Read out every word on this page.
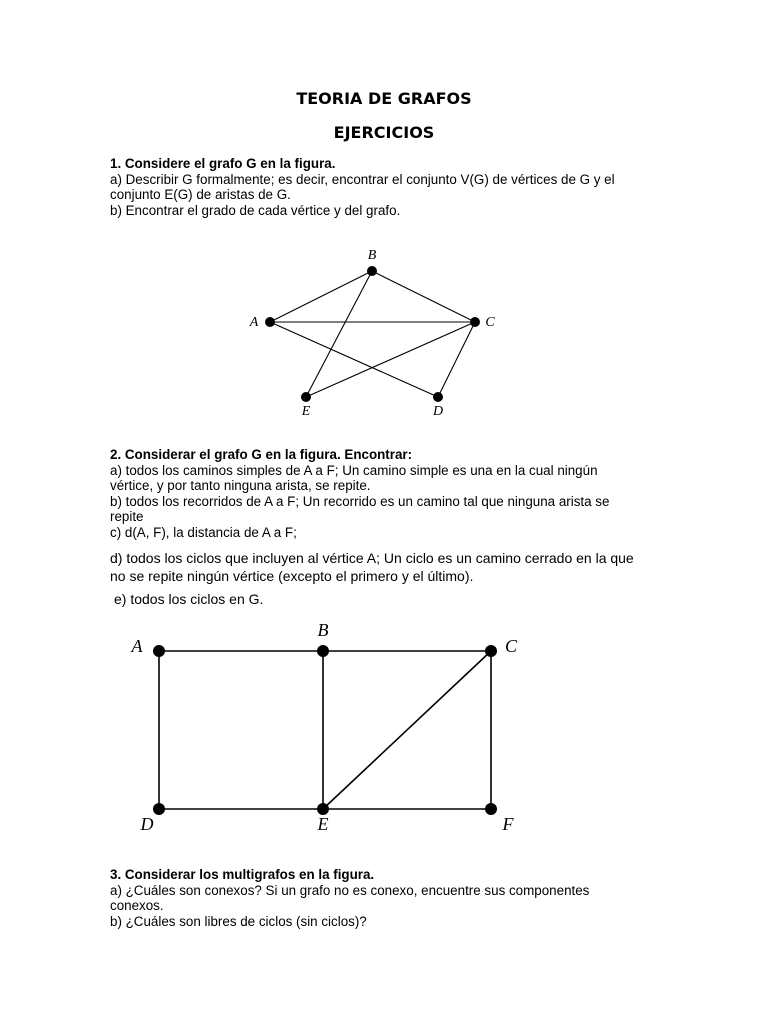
TEORIA DE GRAFOS
EJERCICIOS

1. Considere el grafo G en la figura.

a) Describir G formalmente; es decir, encontrar el conjunto V(G) de vértices de G y el

conjunto E(G) de aristas de G.

b) Encontrar el grado de cada vértice y del grafo.

A
B
C
D
E

2. Considerar el grafo G en la figura. Encontrar:

a) todos los caminos simples de A a F; Un camino simple es una en la cual ningún

vértice, y por tanto ninguna arista, se repite.

b) todos los recorridos de A a F; Un recorrido es un camino tal que ninguna arista se

repite

c) d(A, F), la distancia de A a F;

d) todos los ciclos que incluyen al vértice A; Un ciclo es un camino cerrado en la que

no se repite ningún vértice (excepto el primero y el último).

e) todos los ciclos en G.

A
B
C
D	E	F

3. Considerar los multigrafos en la figura.

a) ¿Cuáles son conexos? Si un grafo no es conexo, encuentre sus componentes

conexos.

b) ¿Cuáles son libres de ciclos (sin ciclos)?
